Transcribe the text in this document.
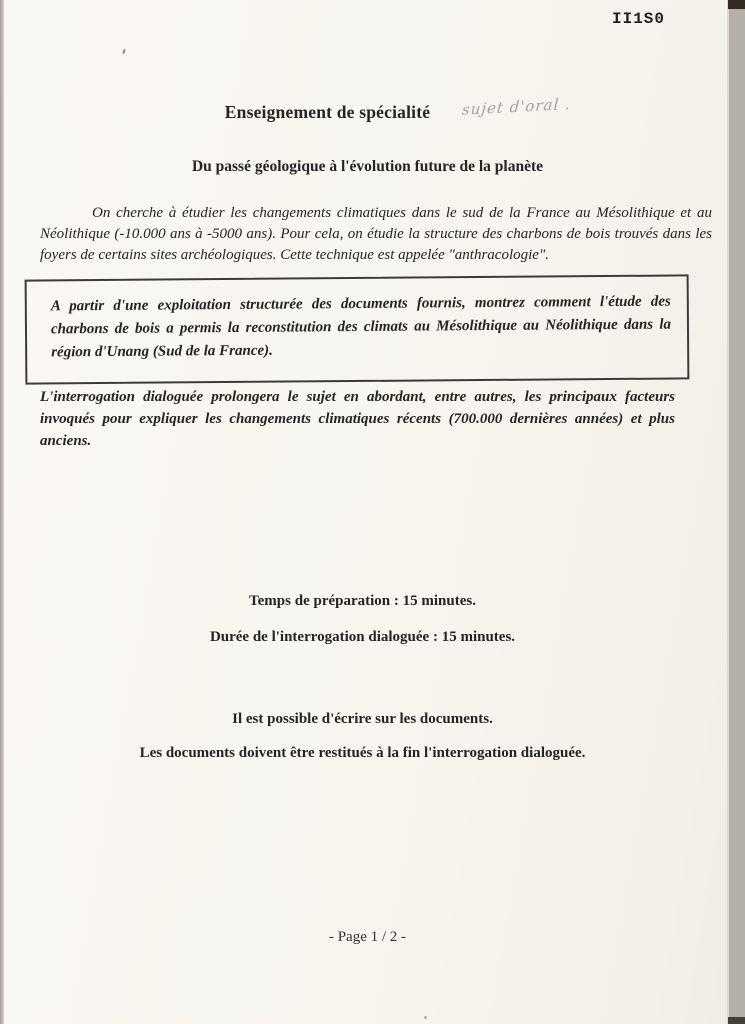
II1S0
Enseignement de spécialité	sujet d'oral .
Du passé géologique à l'évolution future de la planète
On cherche à étudier les changements climatiques dans le sud de la France au Mésolithique et au Néolithique (-10.000 ans à -5000 ans). Pour cela, on étudie la structure des charbons de bois trouvés dans les foyers de certains sites archéologiques. Cette technique est appelée "anthracologie".
A partir d'une exploitation structurée des documents fournis, montrez comment l'étude des charbons de bois a permis la reconstitution des climats au Mésolithique au Néolithique dans la région d'Unang (Sud de la France).
L'interrogation dialoguée prolongera le sujet en abordant, entre autres, les principaux facteurs invoqués pour expliquer les changements climatiques récents (700.000 dernières années) et plus anciens.
Temps de préparation : 15 minutes.
Durée de l'interrogation dialoguée : 15 minutes.
Il est possible d'écrire sur les documents.
Les documents doivent être restitués à la fin l'interrogation dialoguée.
- Page 1 / 2 -
